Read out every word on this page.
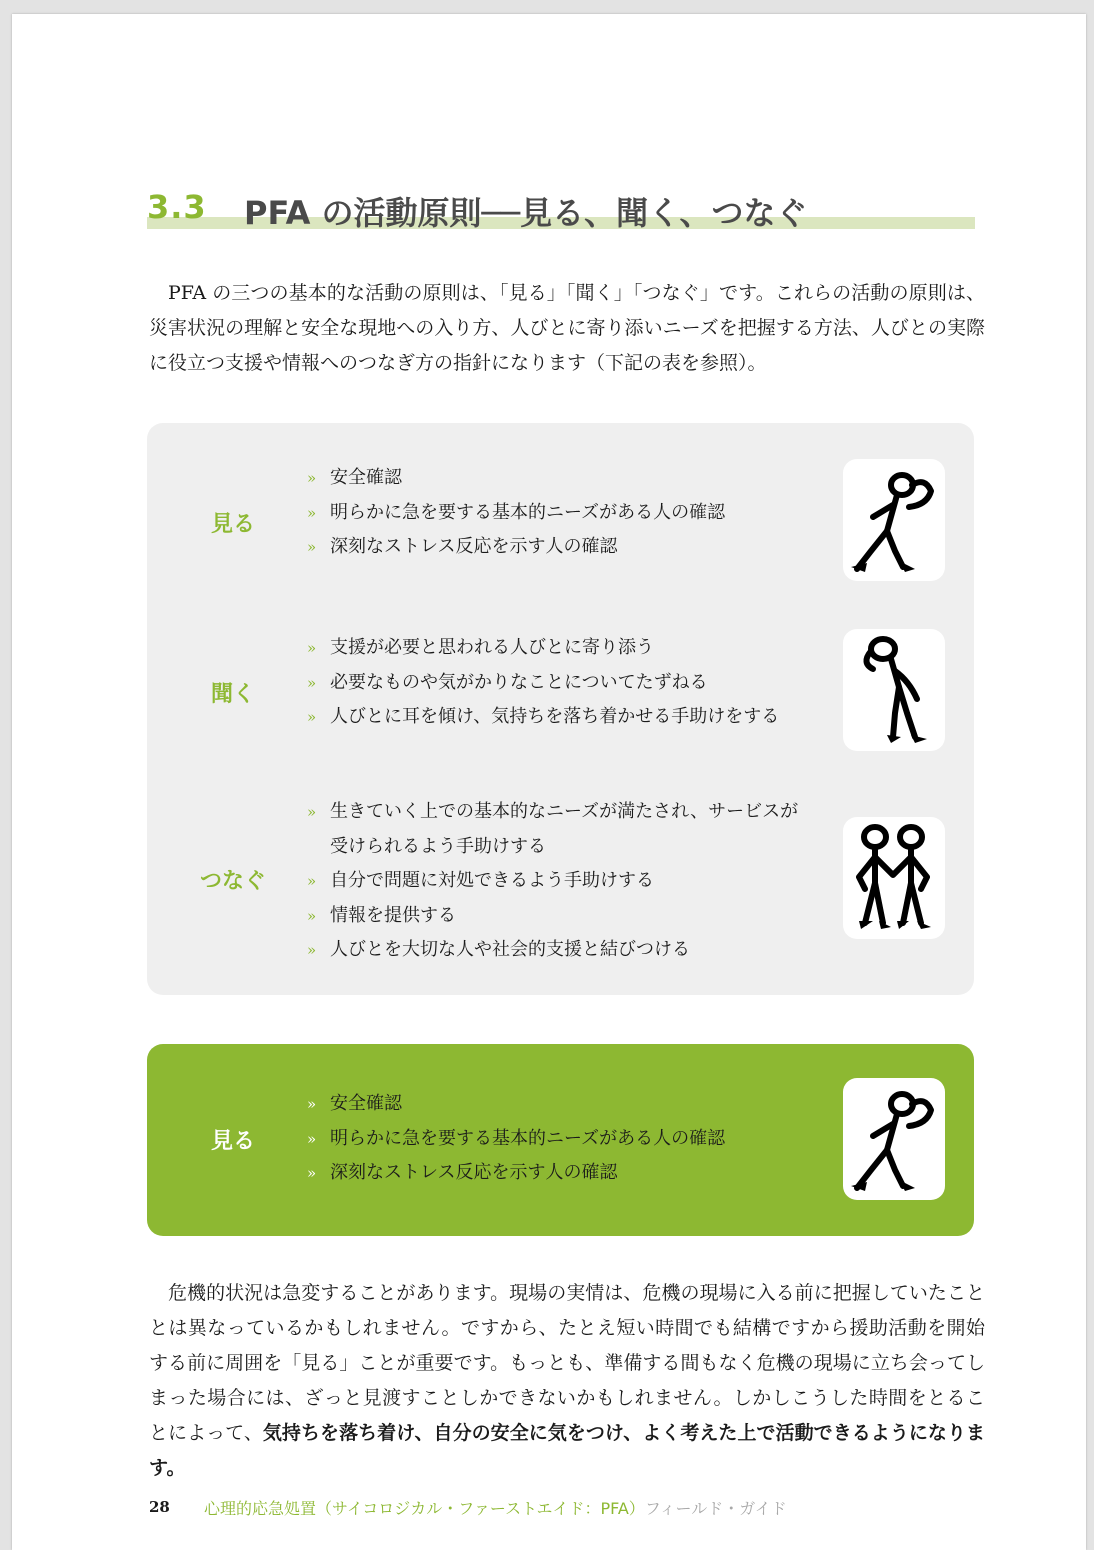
3.3 PFA の活動原則──見る、聞く、つなぐ
PFA の三つの基本的な活動の原則は、「見る」「聞く」「つなぐ」です。これらの活動の原則は、災害状況の理解と安全な現地への入り方、人びとに寄り添いニーズを把握する方法、人びとの実際に役立つ支援や情報へのつなぎ方の指針になります（下記の表を参照）。
見る
» 安全確認
» 明らかに急を要する基本的ニーズがある人の確認
» 深刻なストレス反応を示す人の確認
聞く
» 支援が必要と思われる人びとに寄り添う
» 必要なものや気がかりなことについてたずねる
» 人びとに耳を傾け、気持ちを落ち着かせる手助けをする
つなぐ
» 生きていく上での基本的なニーズが満たされ、サービスが受けられるよう手助けする
» 自分で問題に対処できるよう手助けする
» 情報を提供する
» 人びとを大切な人や社会的支援と結びつける
見る
» 安全確認
» 明らかに急を要する基本的ニーズがある人の確認
» 深刻なストレス反応を示す人の確認
危機的状況は急変することがあります。現場の実情は、危機の現場に入る前に把握していたこととは異なっているかもしれません。ですから、たとえ短い時間でも結構ですから援助活動を開始する前に周囲を「見る」ことが重要です。もっとも、準備する間もなく危機の現場に立ち会ってしまった場合には、ざっと見渡すことしかできないかもしれません。しかしこうした時間をとることによって、気持ちを落ち着け、自分の安全に気をつけ、よく考えた上で活動できるようになります。
28 心理的応急処置（サイコロジカル・ファーストエイド：PFA）フィールド・ガイド
